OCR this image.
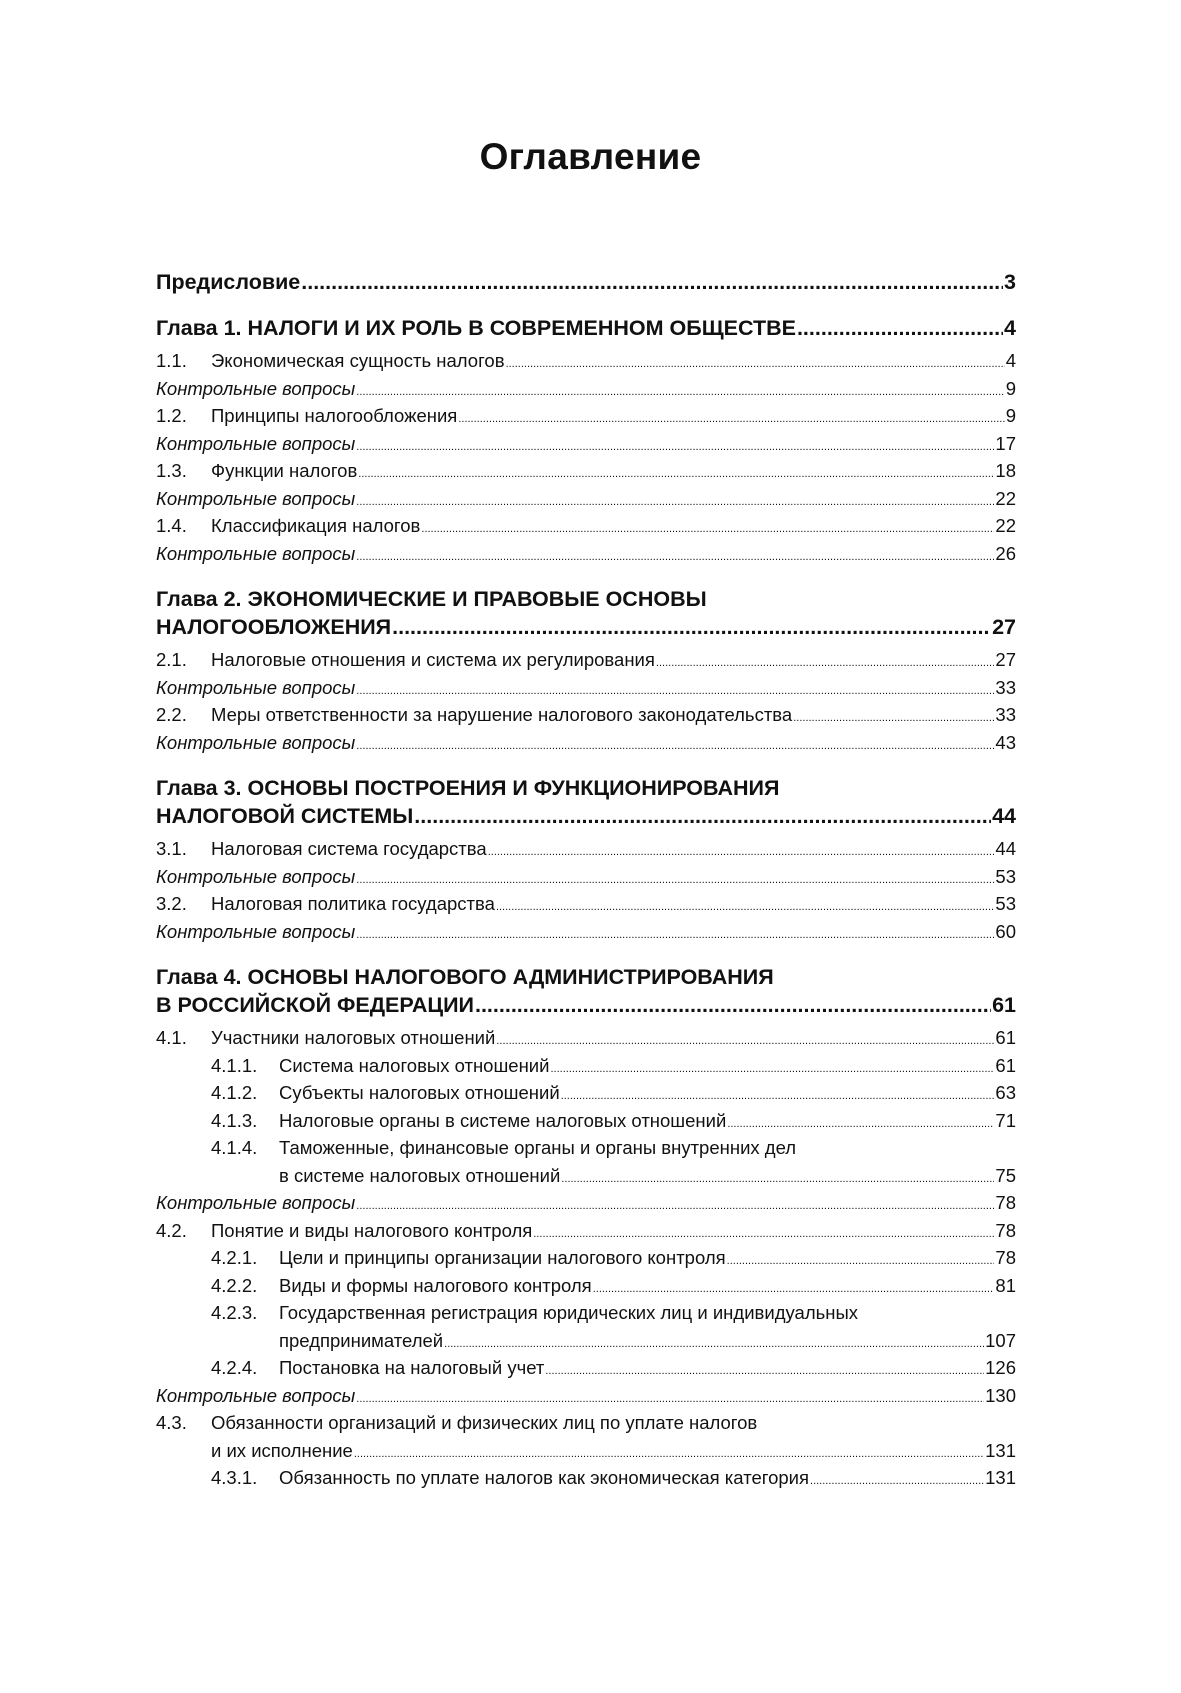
Оглавление
Предисловие .....	3
Глава 1. НАЛОГИ И ИХ РОЛЬ В СОВРЕМЕННОМ ОБЩЕСТВЕ .....	4
1.1. Экономическая сущность налогов .....	4
Контрольные вопросы .....	9
1.2. Принципы налогообложения .....	9
Контрольные вопросы .....	17
1.3. Функции налогов .....	18
Контрольные вопросы .....	22
1.4. Классификация налогов .....	22
Контрольные вопросы .....	26
Глава 2. ЭКОНОМИЧЕСКИЕ И ПРАВОВЫЕ ОСНОВЫ
НАЛОГООБЛОЖЕНИЯ .....	27
2.1. Налоговые отношения и система их регулирования .....	27
Контрольные вопросы .....	33
2.2. Меры ответственности за нарушение налогового законодательства .....	33
Контрольные вопросы .....	43
Глава 3. ОСНОВЫ ПОСТРОЕНИЯ И ФУНКЦИОНИРОВАНИЯ
НАЛОГОВОЙ СИСТЕМЫ .....	44
3.1. Налоговая система государства .....	44
Контрольные вопросы .....	53
3.2. Налоговая политика государства .....	53
Контрольные вопросы .....	60
Глава 4. ОСНОВЫ НАЛОГОВОГО АДМИНИСТРИРОВАНИЯ
В РОССИЙСКОЙ ФЕДЕРАЦИИ .....	61
4.1. Участники налоговых отношений .....	61
4.1.1. Система налоговых отношений .....	61
4.1.2. Субъекты налоговых отношений .....	63
4.1.3. Налоговые органы в системе налоговых отношений .....	71
4.1.4. Таможенные, финансовые органы и органы внутренних дел
в системе налоговых отношений .....	75
Контрольные вопросы .....	78
4.2. Понятие и виды налогового контроля .....	78
4.2.1. Цели и принципы организации налогового контроля .....	78
4.2.2. Виды и формы налогового контроля .....	81
4.2.3. Государственная регистрация юридических лиц и индивидуальных
предпринимателей .....	107
4.2.4. Постановка на налоговый учет .....	126
Контрольные вопросы .....	130
4.3. Обязанности организаций и физических лиц по уплате налогов
и их исполнение .....	131
4.3.1. Обязанность по уплате налогов как экономическая категория .....	131
